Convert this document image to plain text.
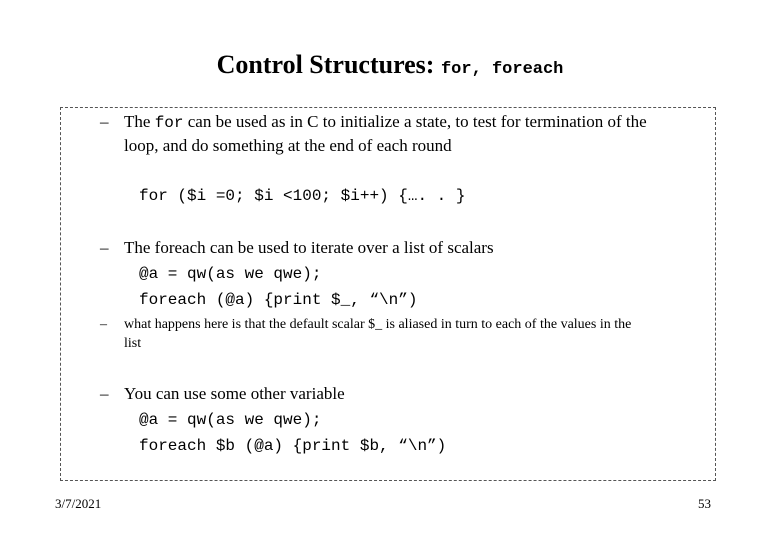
Control Structures: for, foreach
– The for can be used as in C to initialize a state, to test for termination of the
loop, and do something at the end of each round
for ($i =0; $i <100; $i++) {…. . }
– The foreach can be used to iterate over a list of scalars
@a = qw(as we qwe);
foreach (@a) {print $_, “\n”)
– what happens here is that the default scalar $_ is aliased in turn to each of the values in the
list
– You can use some other variable
@a = qw(as we qwe);
foreach $b (@a) {print $b, “\n”)
3/7/2021	53
